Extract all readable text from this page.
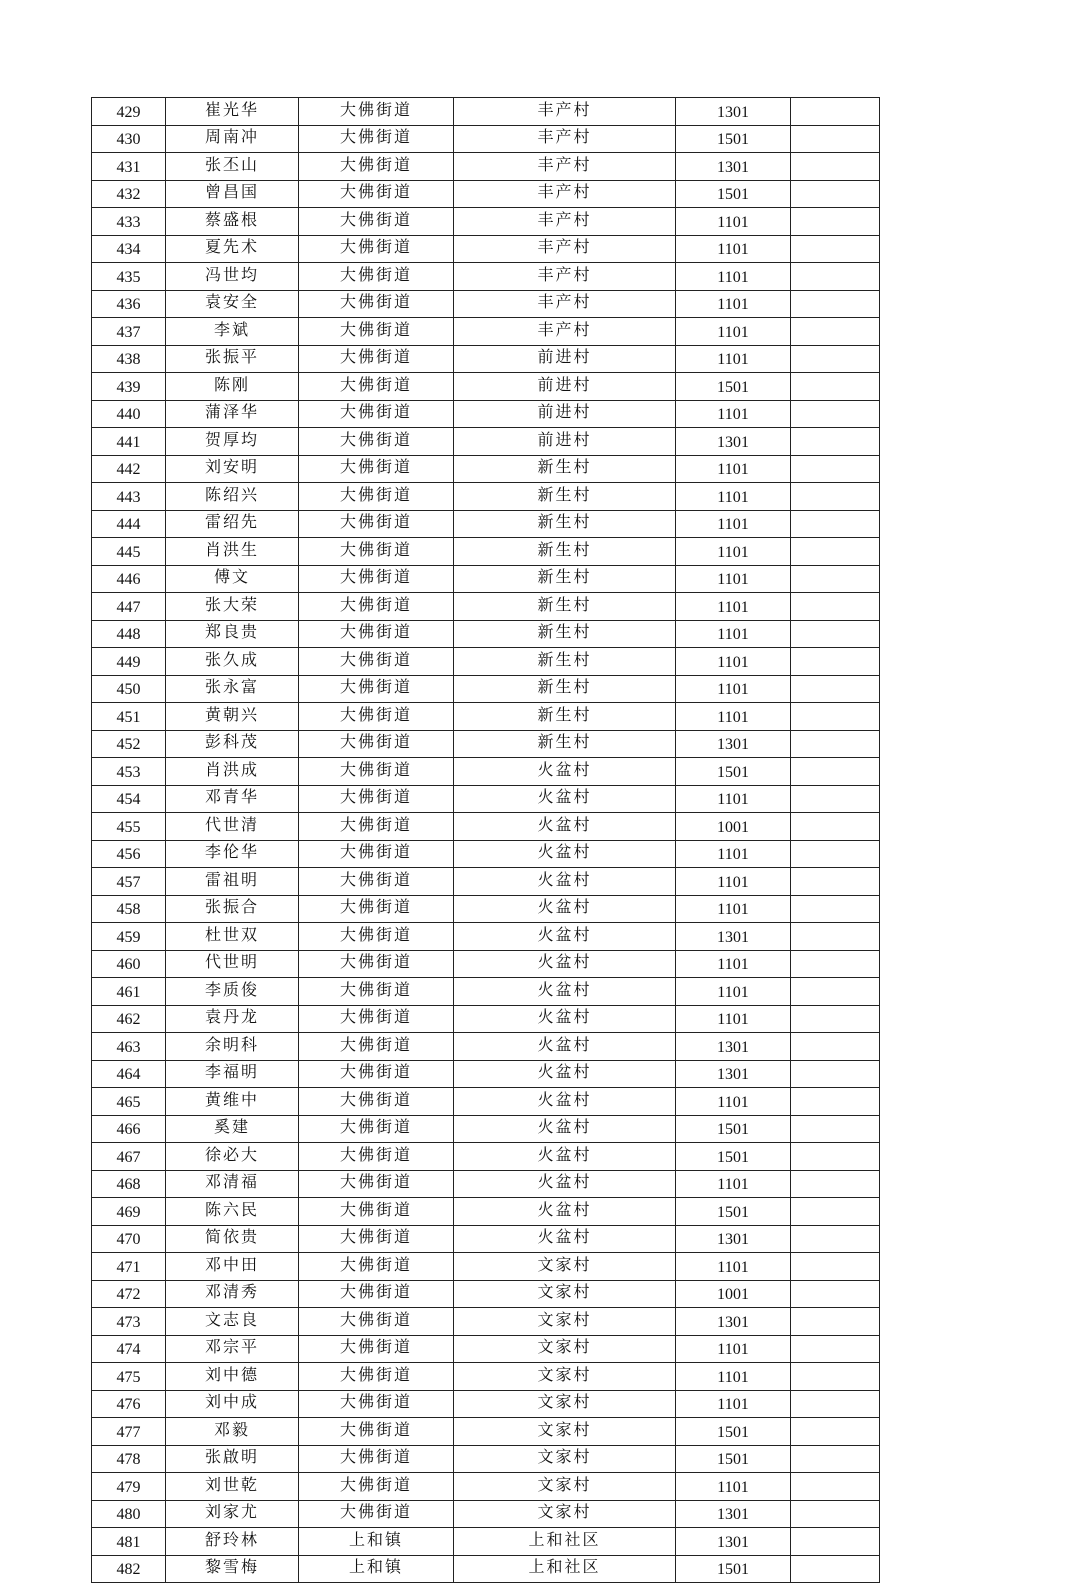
429	崔光华	大佛街道	丰产村	1301	
430	周南冲	大佛街道	丰产村	1501	
431	张丕山	大佛街道	丰产村	1301	
432	曾昌国	大佛街道	丰产村	1501	
433	蔡盛根	大佛街道	丰产村	1101	
434	夏先术	大佛街道	丰产村	1101	
435	冯世均	大佛街道	丰产村	1101	
436	袁安全	大佛街道	丰产村	1101	
437	李斌	大佛街道	丰产村	1101	
438	张振平	大佛街道	前进村	1101	
439	陈刚	大佛街道	前进村	1501	
440	蒲泽华	大佛街道	前进村	1101	
441	贺厚均	大佛街道	前进村	1301	
442	刘安明	大佛街道	新生村	1101	
443	陈绍兴	大佛街道	新生村	1101	
444	雷绍先	大佛街道	新生村	1101	
445	肖洪生	大佛街道	新生村	1101	
446	傅文	大佛街道	新生村	1101	
447	张大荣	大佛街道	新生村	1101	
448	郑良贵	大佛街道	新生村	1101	
449	张久成	大佛街道	新生村	1101	
450	张永富	大佛街道	新生村	1101	
451	黄朝兴	大佛街道	新生村	1101	
452	彭科茂	大佛街道	新生村	1301	
453	肖洪成	大佛街道	火盆村	1501	
454	邓青华	大佛街道	火盆村	1101	
455	代世清	大佛街道	火盆村	1001	
456	李伦华	大佛街道	火盆村	1101	
457	雷祖明	大佛街道	火盆村	1101	
458	张振合	大佛街道	火盆村	1101	
459	杜世双	大佛街道	火盆村	1301	
460	代世明	大佛街道	火盆村	1101	
461	李质俊	大佛街道	火盆村	1101	
462	袁丹龙	大佛街道	火盆村	1101	
463	余明科	大佛街道	火盆村	1301	
464	李福明	大佛街道	火盆村	1301	
465	黄维中	大佛街道	火盆村	1101	
466	奚建	大佛街道	火盆村	1501	
467	徐必大	大佛街道	火盆村	1501	
468	邓清福	大佛街道	火盆村	1101	
469	陈六民	大佛街道	火盆村	1501	
470	简依贵	大佛街道	火盆村	1301	
471	邓中田	大佛街道	文家村	1101	
472	邓清秀	大佛街道	文家村	1001	
473	文志良	大佛街道	文家村	1301	
474	邓宗平	大佛街道	文家村	1101	
475	刘中德	大佛街道	文家村	1101	
476	刘中成	大佛街道	文家村	1101	
477	邓毅	大佛街道	文家村	1501	
478	张啟明	大佛街道	文家村	1501	
479	刘世乾	大佛街道	文家村	1101	
480	刘家尤	大佛街道	文家村	1301	
481	舒玲林	上和镇	上和社区	1301	
482	黎雪梅	上和镇	上和社区	1501	
